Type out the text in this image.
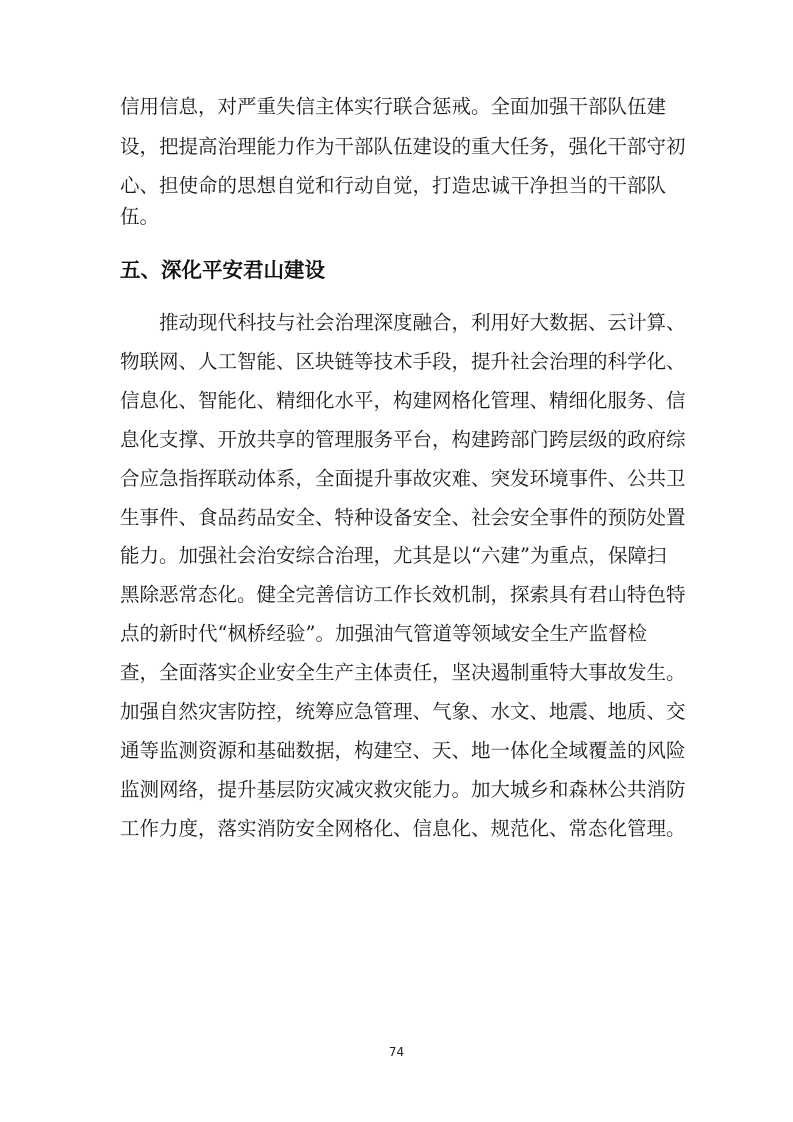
信用信息，对严重失信主体实行联合惩戒。全面加强干部队伍建
设，把提高治理能力作为干部队伍建设的重大任务，强化干部守初
心、担使命的思想自觉和行动自觉，打造忠诚干净担当的干部队
伍。
五、深化平安君山建设
推动现代科技与社会治理深度融合，利用好大数据、云计算、
物联网、人工智能、区块链等技术手段，提升社会治理的科学化、
信息化、智能化、精细化水平，构建网格化管理、精细化服务、信
息化支撑、开放共享的管理服务平台，构建跨部门跨层级的政府综
合应急指挥联动体系，全面提升事故灾难、突发环境事件、公共卫
生事件、食品药品安全、特种设备安全、社会安全事件的预防处置
能力。加强社会治安综合治理，尤其是以“六建”为重点，保障扫
黑除恶常态化。健全完善信访工作长效机制，探索具有君山特色特
点的新时代“枫桥经验”。加强油气管道等领域安全生产监督检
查，全面落实企业安全生产主体责任，坚决遏制重特大事故发生。
加强自然灾害防控，统筹应急管理、气象、水文、地震、地质、交
通等监测资源和基础数据，构建空、天、地一体化全域覆盖的风险
监测网络，提升基层防灾减灾救灾能力。加大城乡和森林公共消防
工作力度，落实消防安全网格化、信息化、规范化、常态化管理。
74
